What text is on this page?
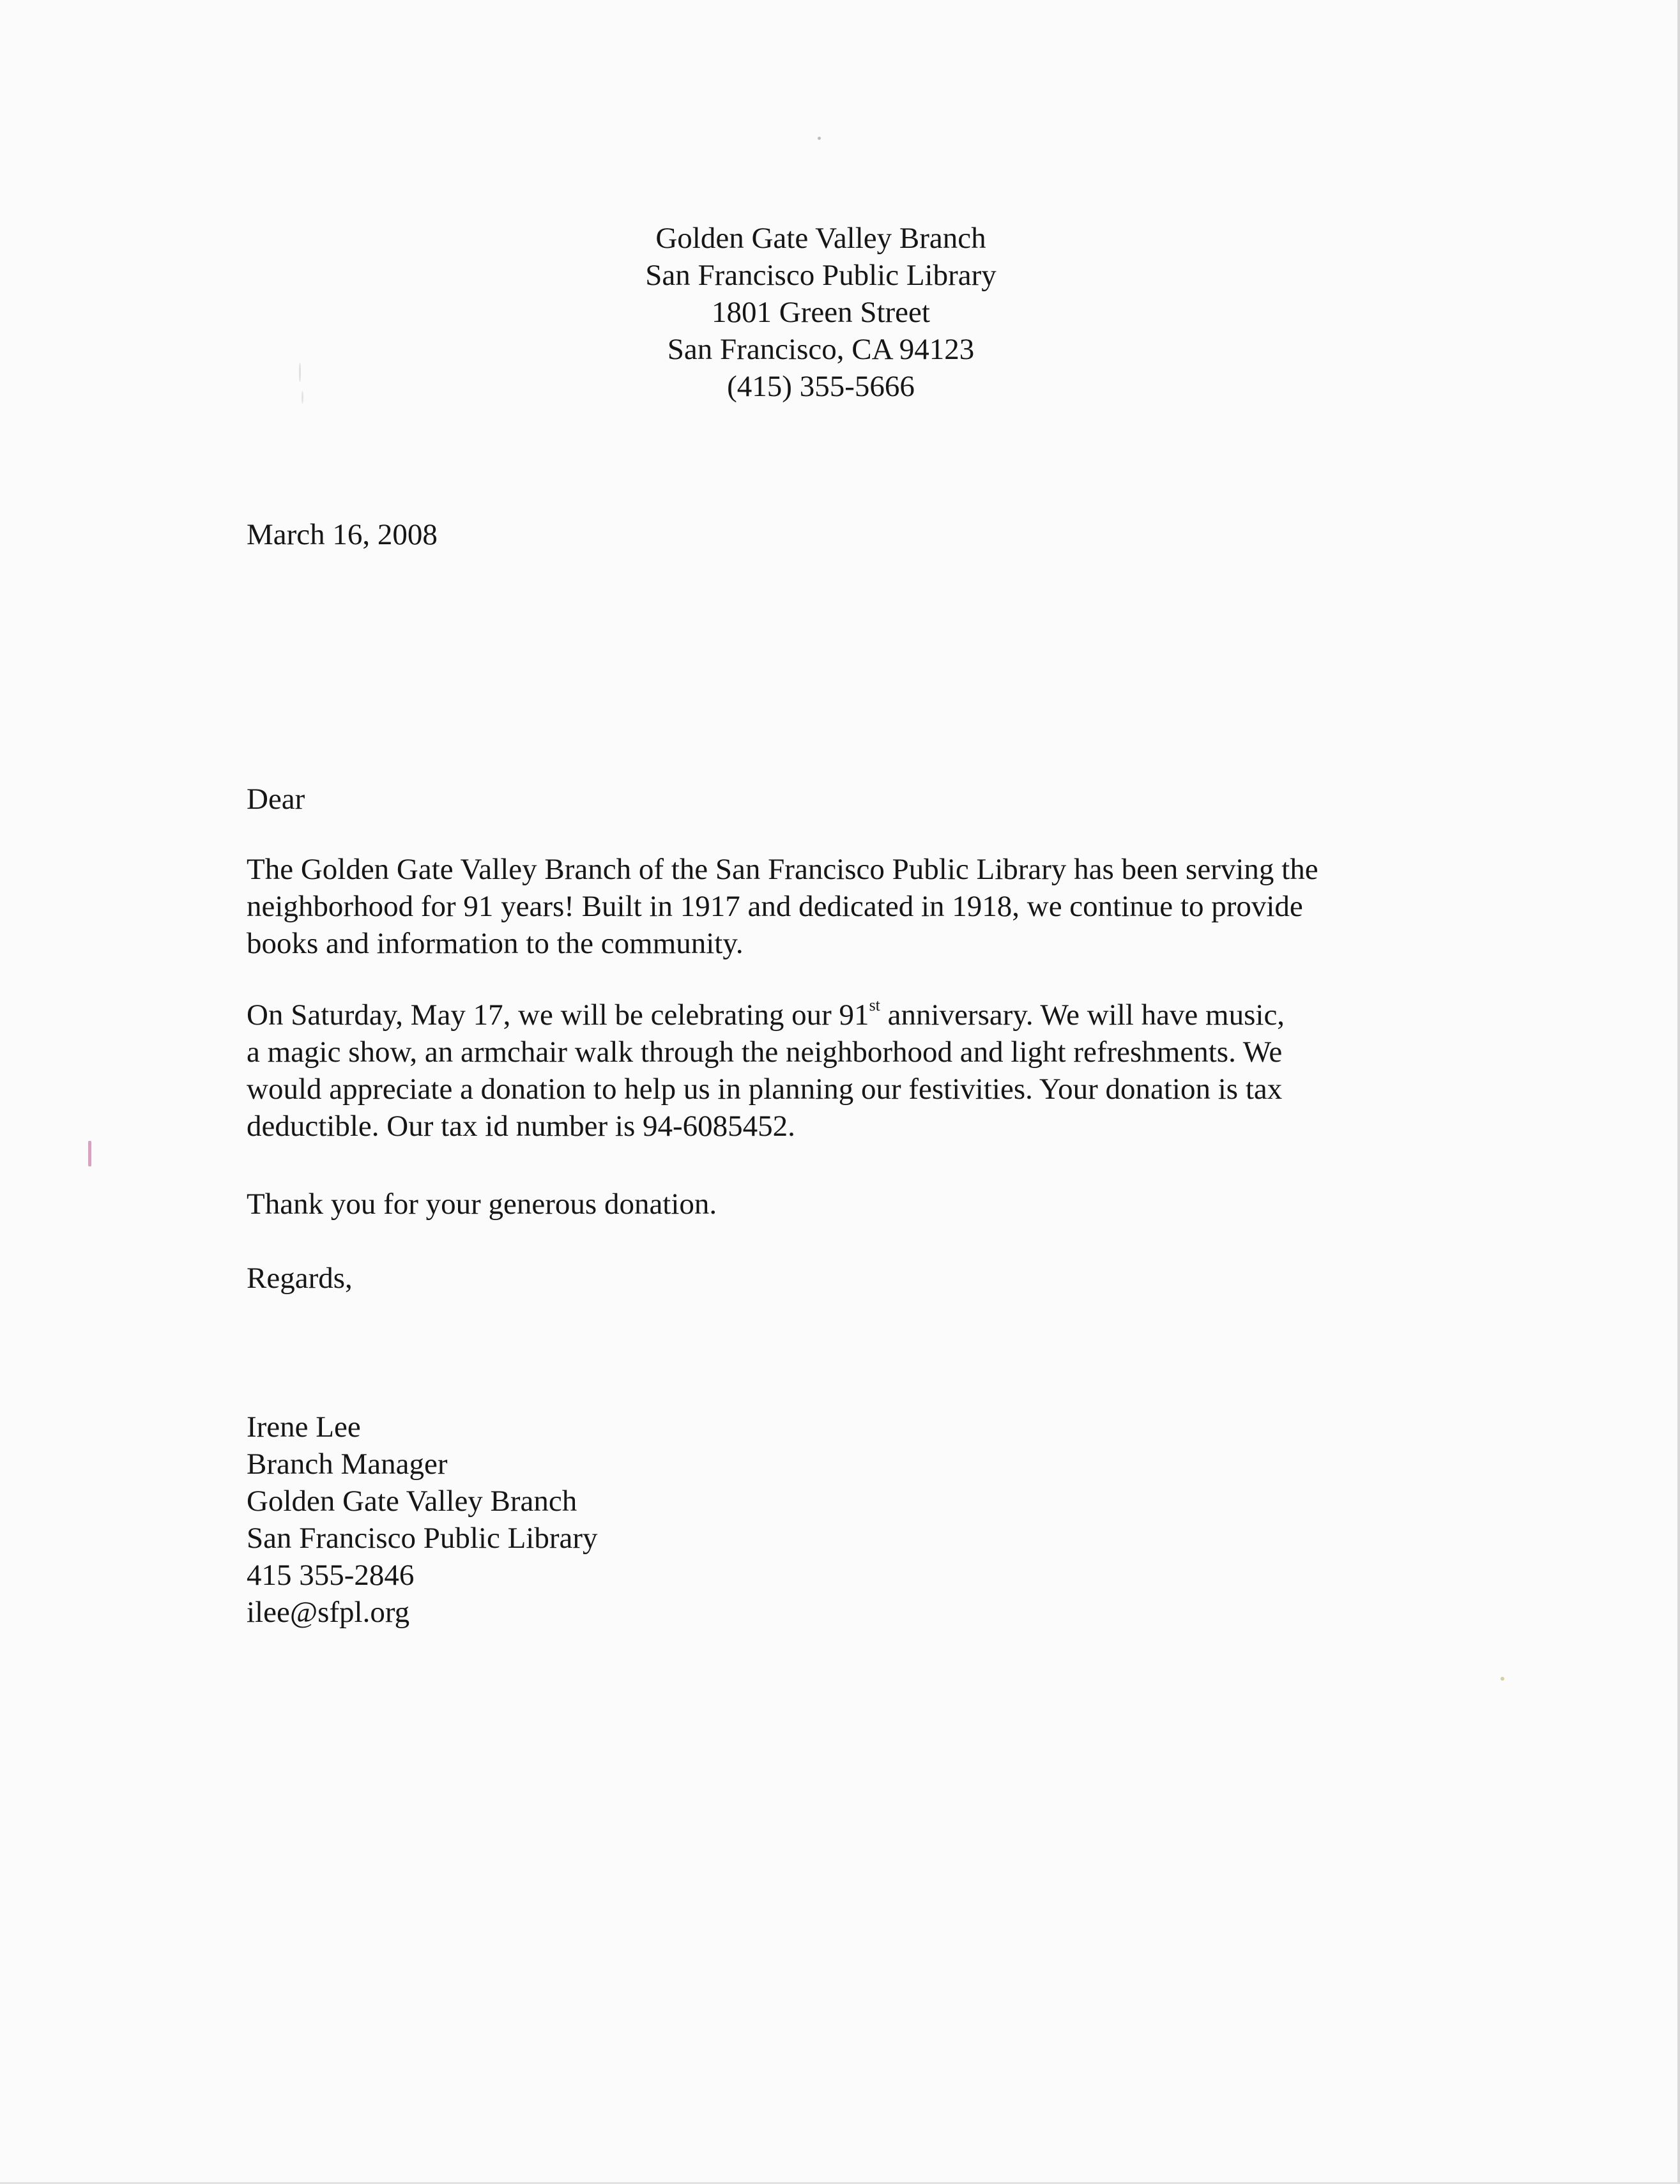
Golden Gate Valley Branch
San Francisco Public Library
1801 Green Street
San Francisco, CA 94123
(415) 355-5666
March 16, 2008
Dear
The Golden Gate Valley Branch of the San Francisco Public Library has been serving the
neighborhood for 91 years! Built in 1917 and dedicated in 1918, we continue to provide
books and information to the community.
On Saturday, May 17, we will be celebrating our 91st anniversary. We will have music,
a magic show, an armchair walk through the neighborhood and light refreshments. We
would appreciate a donation to help us in planning our festivities. Your donation is tax
deductible. Our tax id number is 94-6085452.
Thank you for your generous donation.
Regards,
Irene Lee
Branch Manager
Golden Gate Valley Branch
San Francisco Public Library
415 355-2846
ilee@sfpl.org
